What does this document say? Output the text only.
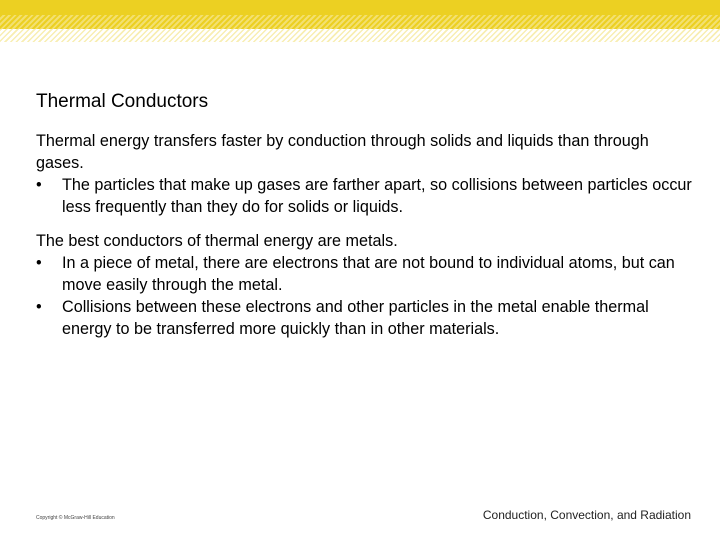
Thermal Conductors

Thermal energy transfers faster by conduction through solids and liquids than through gases.

•	The particles that make up gases are farther apart, so collisions between particles occur less frequently than they do for solids or liquids.

The best conductors of thermal energy are metals.

•	In a piece of metal, there are electrons that are not bound to individual atoms, but can move easily through the metal.
•	Collisions between these electrons and other particles in the metal enable thermal energy to be transferred more quickly than in other materials.
Copyright © McGraw-Hill Education	Conduction, Convection, and Radiation
